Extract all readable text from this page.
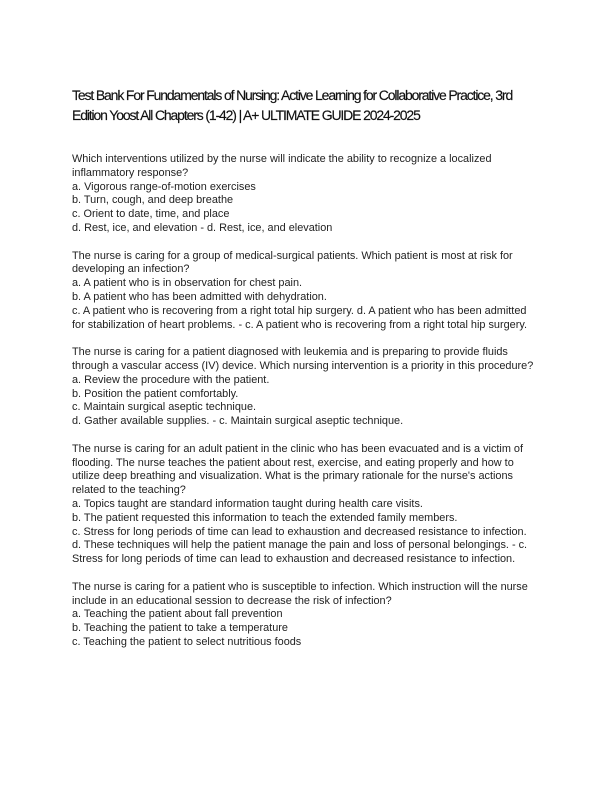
Test Bank For Fundamentals of Nursing: Active Learning for Collaborative Practice, 3rd Edition Yoost All Chapters (1-42) | A+ ULTIMATE GUIDE 2024-2025
Which interventions utilized by the nurse will indicate the ability to recognize a localized inflammatory response?
a. Vigorous range-of-motion exercises
b. Turn, cough, and deep breathe
c. Orient to date, time, and place
d. Rest, ice, and elevation - d. Rest, ice, and elevation
The nurse is caring for a group of medical-surgical patients. Which patient is most at risk for developing an infection?
a. A patient who is in observation for chest pain.
b. A patient who has been admitted with dehydration.
c. A patient who is recovering from a right total hip surgery. d. A patient who has been admitted for stabilization of heart problems. - c. A patient who is recovering from a right total hip surgery.
The nurse is caring for a patient diagnosed with leukemia and is preparing to provide fluids through a vascular access (IV) device. Which nursing intervention is a priority in this procedure?
a. Review the procedure with the patient.
b. Position the patient comfortably.
c. Maintain surgical aseptic technique.
d. Gather available supplies. - c. Maintain surgical aseptic technique.
The nurse is caring for an adult patient in the clinic who has been evacuated and is a victim of flooding. The nurse teaches the patient about rest, exercise, and eating properly and how to utilize deep breathing and visualization. What is the primary rationale for the nurse's actions related to the teaching?
a. Topics taught are standard information taught during health care visits.
b. The patient requested this information to teach the extended family members.
c. Stress for long periods of time can lead to exhaustion and decreased resistance to infection.
d. These techniques will help the patient manage the pain and loss of personal belongings. - c. Stress for long periods of time can lead to exhaustion and decreased resistance to infection.
The nurse is caring for a patient who is susceptible to infection. Which instruction will the nurse include in an educational session to decrease the risk of infection?
a. Teaching the patient about fall prevention
b. Teaching the patient to take a temperature
c. Teaching the patient to select nutritious foods
